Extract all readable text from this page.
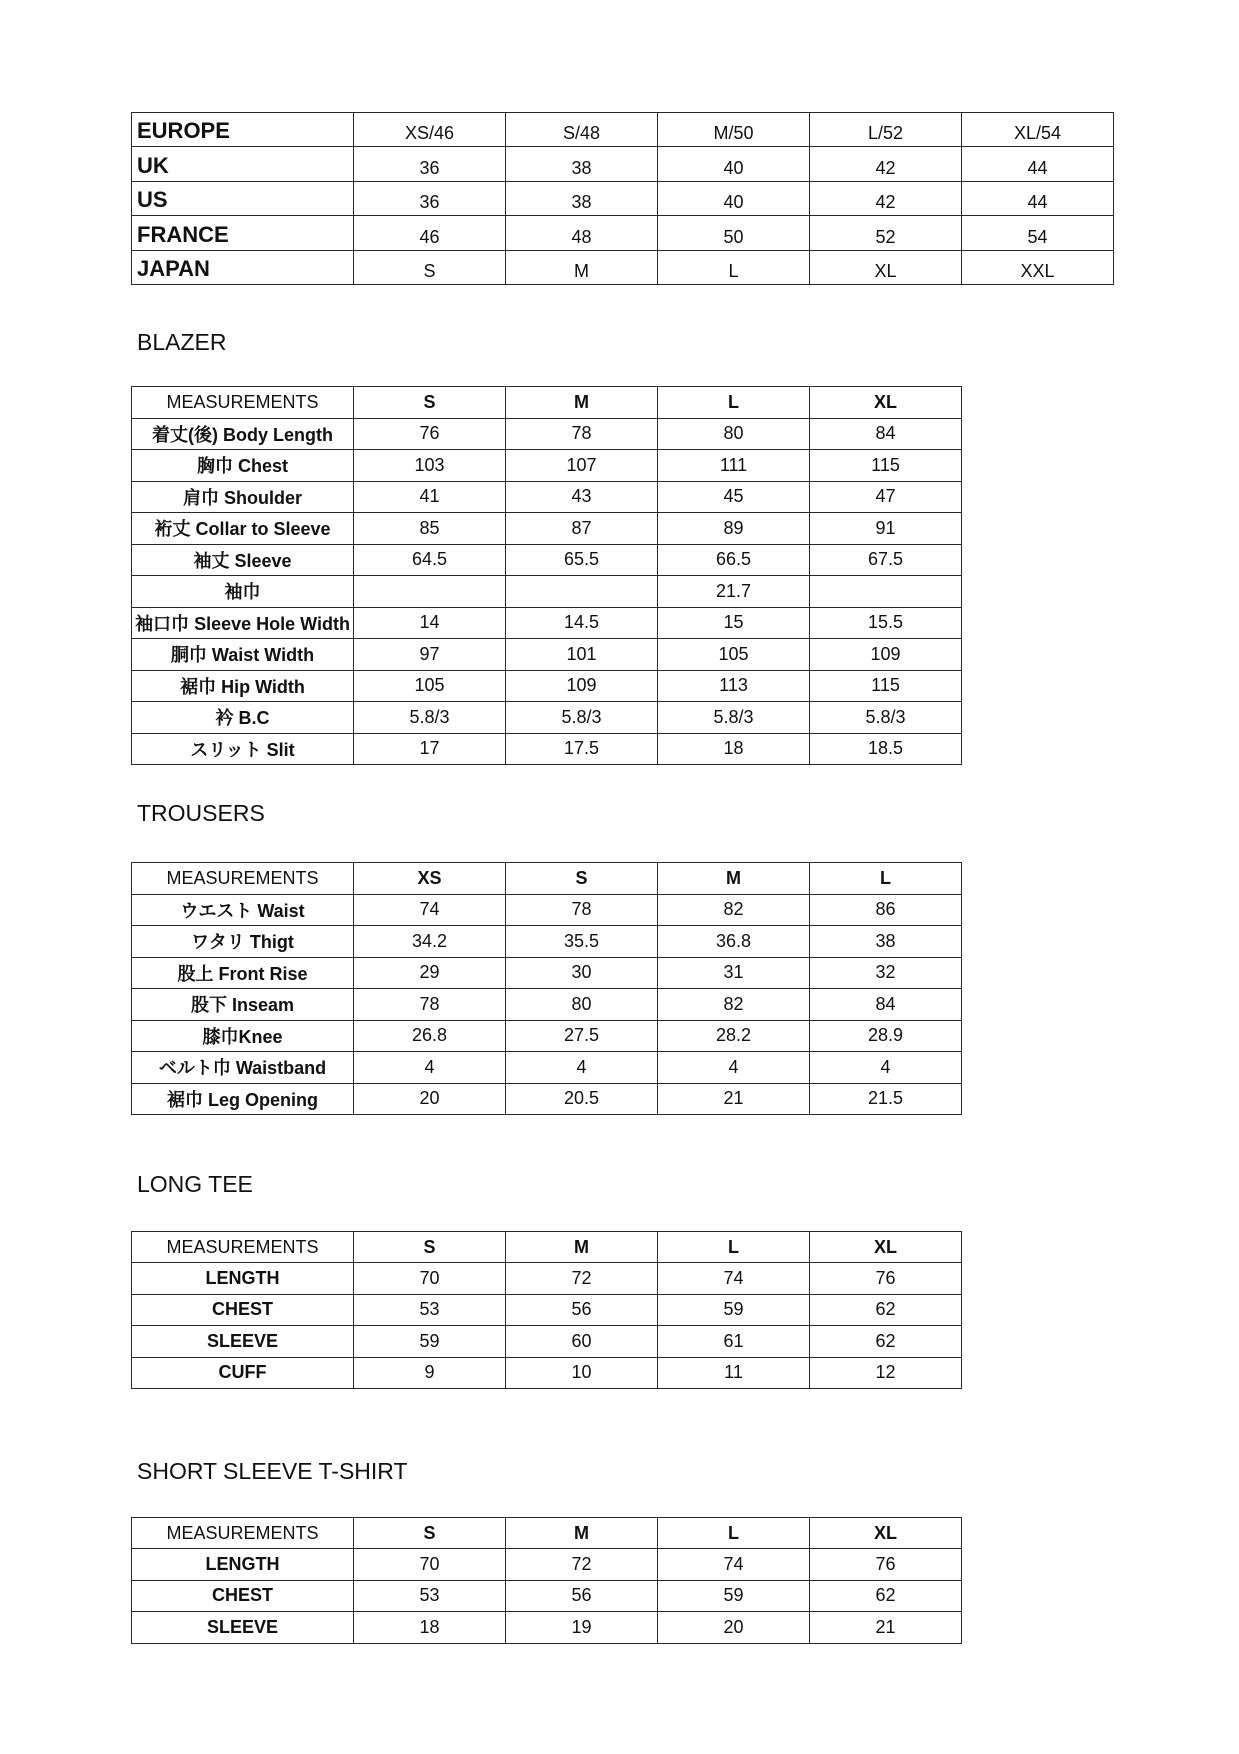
EUROPE	XS/46	S/48	M/50	L/52	XL/54
UK	36	38	40	42	44
US	36	38	40	42	44
FRANCE	46	48	50	52	54
JAPAN	S	M	L	XL	XXL
BLAZER
MEASUREMENTS	S	M	L	XL
着丈(後) Body Length	76	78	80	84
胸巾 Chest	103	107	111	115
肩巾 Shoulder	41	43	45	47
裄丈 Collar to Sleeve	85	87	89	91
袖丈 Sleeve	64.5	65.5	66.5	67.5
袖巾			21.7	
袖口巾 Sleeve Hole Width	14	14.5	15	15.5
胴巾 Waist Width	97	101	105	109
裾巾 Hip Width	105	109	113	115
衿 B.C	5.8/3	5.8/3	5.8/3	5.8/3
スリット Slit	17	17.5	18	18.5
TROUSERS
MEASUREMENTS	XS	S	M	L
ウエスト Waist	74	78	82	86
ワタリ Thigt	34.2	35.5	36.8	38
股上 Front Rise	29	30	31	32
股下 Inseam	78	80	82	84
膝巾Knee	26.8	27.5	28.2	28.9
ベルト巾 Waistband	4	4	4	4
裾巾 Leg Opening	20	20.5	21	21.5
LONG TEE
MEASUREMENTS	S	M	L	XL
LENGTH	70	72	74	76
CHEST	53	56	59	62
SLEEVE	59	60	61	62
CUFF	9	10	11	12
SHORT SLEEVE T-SHIRT
MEASUREMENTS	S	M	L	XL
LENGTH	70	72	74	76
CHEST	53	56	59	62
SLEEVE	18	19	20	21
